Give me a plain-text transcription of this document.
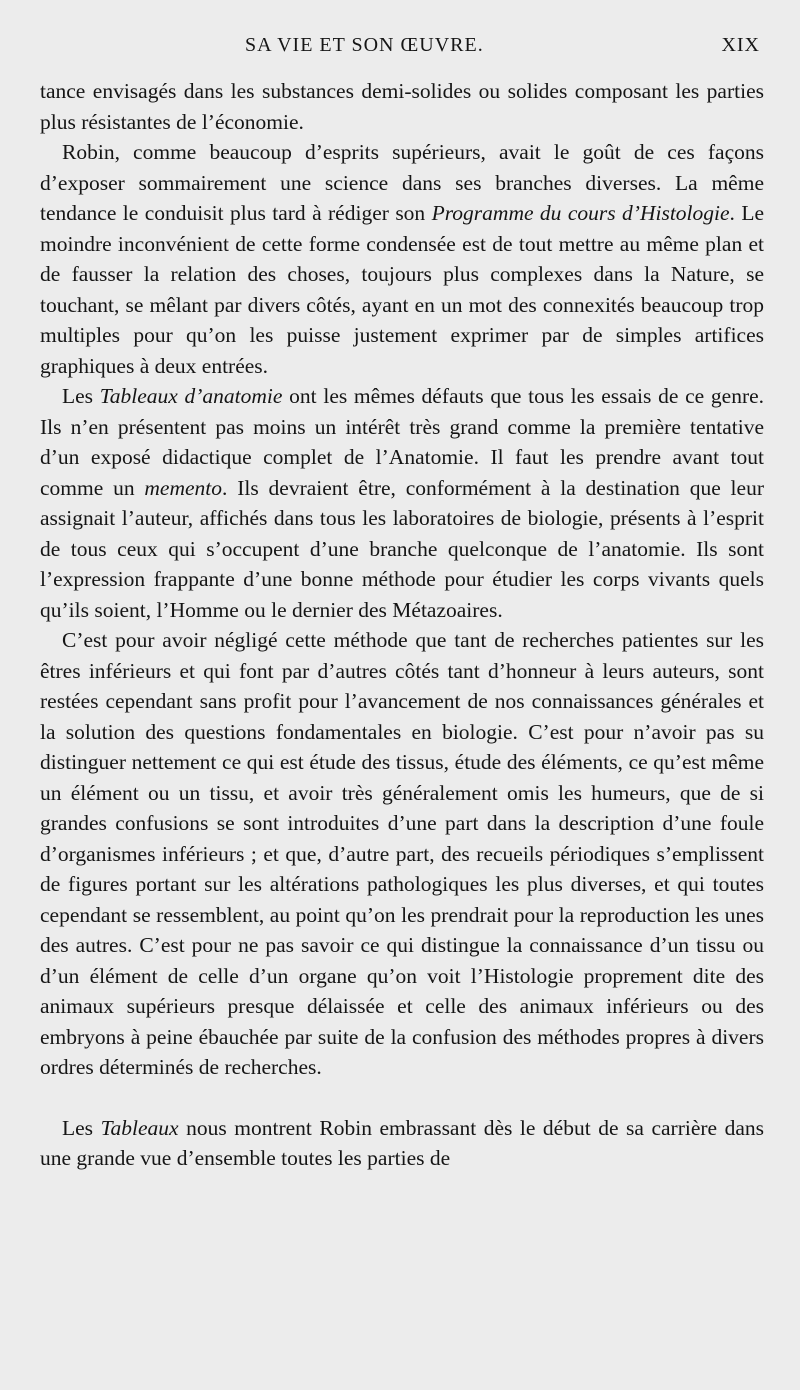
SA VIE ET SON ŒUVRE.	XIX

tance envisagés dans les substances demi-solides ou solides composant les parties plus résistantes de l’économie.

Robin, comme beaucoup d’esprits supérieurs, avait le goût de ces façons d’exposer sommairement une science dans ses branches diverses. La même tendance le conduisit plus tard à rédiger son Programme du cours d’Histologie. Le moindre inconvénient de cette forme condensée est de tout mettre au même plan et de fausser la relation des choses, toujours plus complexes dans la Nature, se touchant, se mêlant par divers côtés, ayant en un mot des connexités beaucoup trop multiples pour qu’on les puisse justement exprimer par de simples artifices graphiques à deux entrées.

Les Tableaux d’anatomie ont les mêmes défauts que tous les essais de ce genre. Ils n’en présentent pas moins un intérêt très grand comme la première tentative d’un exposé didactique complet de l’Anatomie. Il faut les prendre avant tout comme un memento. Ils devraient être, conformément à la destination que leur assignait l’auteur, affichés dans tous les laboratoires de biologie, présents à l’esprit de tous ceux qui s’occupent d’une branche quelconque de l’anatomie. Ils sont l’expression frappante d’une bonne méthode pour étudier les corps vivants quels qu’ils soient, l’Homme ou le dernier des Métazoaires.

C’est pour avoir négligé cette méthode que tant de recherches patientes sur les êtres inférieurs et qui font par d’autres côtés tant d’honneur à leurs auteurs, sont restées cependant sans profit pour l’avancement de nos connaissances générales et la solution des questions fondamentales en biologie. C’est pour n’avoir pas su distinguer nettement ce qui est étude des tissus, étude des éléments, ce qu’est même un élément ou un tissu, et avoir très généralement omis les humeurs, que de si grandes confusions se sont introduites d’une part dans la description d’une foule d’organismes inférieurs ; et que, d’autre part, des recueils périodiques s’emplissent de figures portant sur les altérations pathologiques les plus diverses, et qui toutes cependant se ressemblent, au point qu’on les prendrait pour la reproduction les unes des autres. C’est pour ne pas savoir ce qui distingue la connaissance d’un tissu ou d’un élément de celle d’un organe qu’on voit l’Histologie proprement dite des animaux supérieurs presque délaissée et celle des animaux inférieurs ou des embryons à peine ébauchée par suite de la confusion des méthodes propres à divers ordres déterminés de recherches.

Les Tableaux nous montrent Robin embrassant dès le début de sa carrière dans une grande vue d’ensemble toutes les parties de
